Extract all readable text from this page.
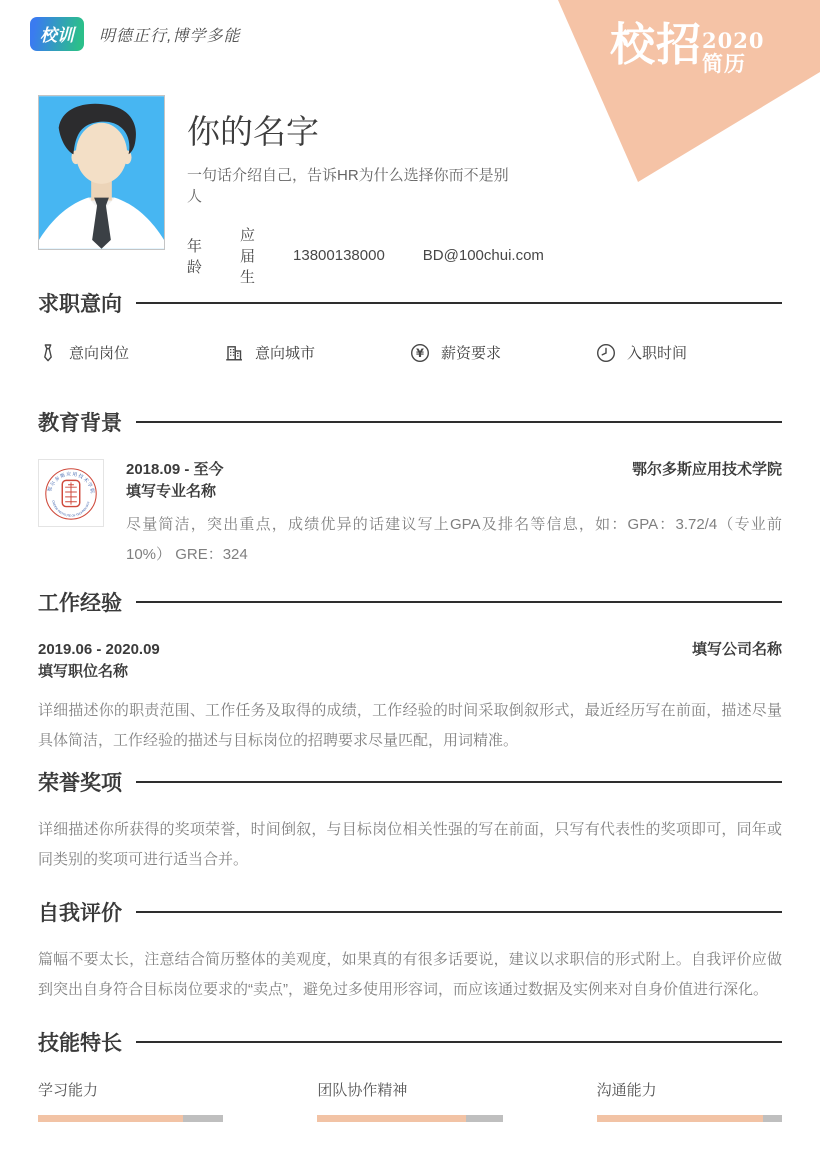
校训	明德正行,博学多能	校招 2020
简历
你的名字
一句话介绍自己，告诉HR为什么选择你而不是别人
年龄
应届生
13800138000	BD@100chui.com
求职意向
意向岗位	意向城市	¥ 薪资要求	入职时间
教育背景
鄂尔多斯应用技术学院
ORDOS INSTITUTE OF TECHNOLOGY
2018.09 - 至今
填写专业名称
鄂尔多斯应用技术学院
尽量简洁，突出重点，成绩优异的话建议写上GPA及排名等信息，如：GPA：3.72/4（专业前10%） GRE：324
工作经验
2019.06 - 2020.09
填写职位名称
填写公司名称
详细描述你的职责范围、工作任务及取得的成绩，工作经验的时间采取倒叙形式，最近经历写在前面，描述尽量具体简洁，工作经验的描述与目标岗位的招聘要求尽量匹配，用词精准。
荣誉奖项
详细描述你所获得的奖项荣誉，时间倒叙，与目标岗位相关性强的写在前面，只写有代表性的奖项即可，同年或同类别的奖项可进行适当合并。
自我评价
篇幅不要太长，注意结合简历整体的美观度，如果真的有很多话要说，建议以求职信的形式附上。自我评价应做到突出自身符合目标岗位要求的“卖点”，避免过多使用形容词，而应该通过数据及实例来对自身价值进行深化。
技能特长
学习能力	团队协作精神	沟通能力
